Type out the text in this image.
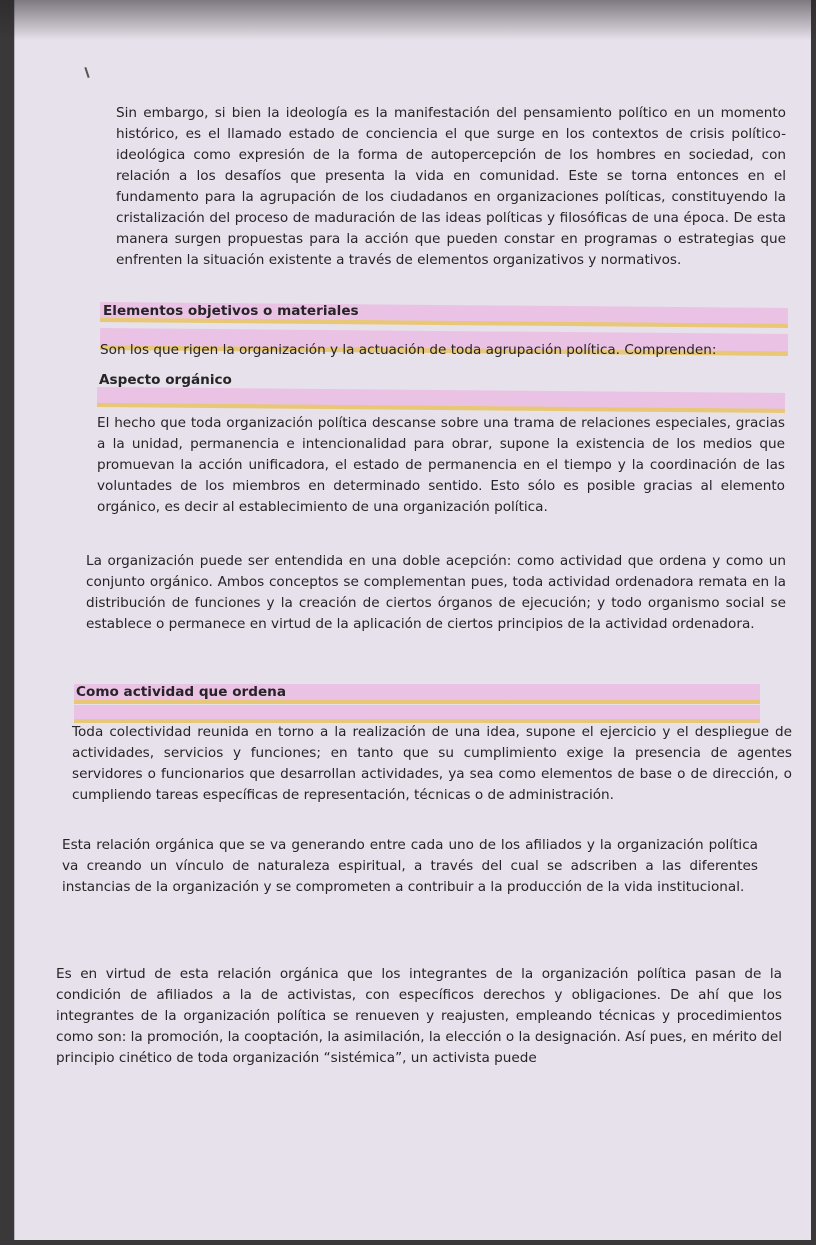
Sin embargo, si bien la ideología es la manifestación del pensamiento político en un momento histórico, es el llamado estado de conciencia el que surge en los contextos de crisis político-ideológica como expresión de la forma de autopercepción de los hombres en sociedad, con relación a los desafíos que presenta la vida en comunidad. Este se torna entonces en el fundamento para la agrupación de los ciudadanos en organizaciones políticas, constituyendo la cristalización del proceso de maduración de las ideas políticas y filosóficas de una época. De esta manera surgen propuestas para la acción que pueden constar en programas o estrategias que enfrenten la situación existente a través de elementos organizativos y normativos.

Elementos objetivos o materiales

Son los que rigen la organización y la actuación de toda agrupación política. Comprenden:

Aspecto orgánico

El hecho que toda organización política descanse sobre una trama de relaciones especiales, gracias a la unidad, permanencia e intencionalidad para obrar, supone la existencia de los medios que promuevan la acción unificadora, el estado de permanencia en el tiempo y la coordinación de las voluntades de los miembros en determinado sentido. Esto sólo es posible gracias al elemento orgánico, es decir al establecimiento de una organización política.

La organización puede ser entendida en una doble acepción: como actividad que ordena y como un conjunto orgánico. Ambos conceptos se complementan pues, toda actividad ordenadora remata en la distribución de funciones y la creación de ciertos órganos de ejecución; y todo organismo social se establece o permanece en virtud de la aplicación de ciertos principios de la actividad ordenadora.

Como actividad que ordena

Toda colectividad reunida en torno a la realización de una idea, supone el ejercicio y el despliegue de actividades, servicios y funciones; en tanto que su cumplimiento exige la presencia de agentes servidores o funcionarios que desarrollan actividades, ya sea como elementos de base o de dirección, o cumpliendo tareas específicas de representación, técnicas o de administración.

Esta relación orgánica que se va generando entre cada uno de los afiliados y la organización política va creando un vínculo de naturaleza espiritual, a través del cual se adscriben a las diferentes instancias de la organización y se comprometen a contribuir a la producción de la vida institucional.

Es en virtud de esta relación orgánica que los integrantes de la organización política pasan de la condición de afiliados a la de activistas, con específicos derechos y obligaciones. De ahí que los integrantes de la organización política se renueven y reajusten, empleando técnicas y procedimientos como son: la promoción, la cooptación, la asimilación, la elección o la designación. Así pues, en mérito del principio cinético de toda organización “sistémica”, un activista puede
